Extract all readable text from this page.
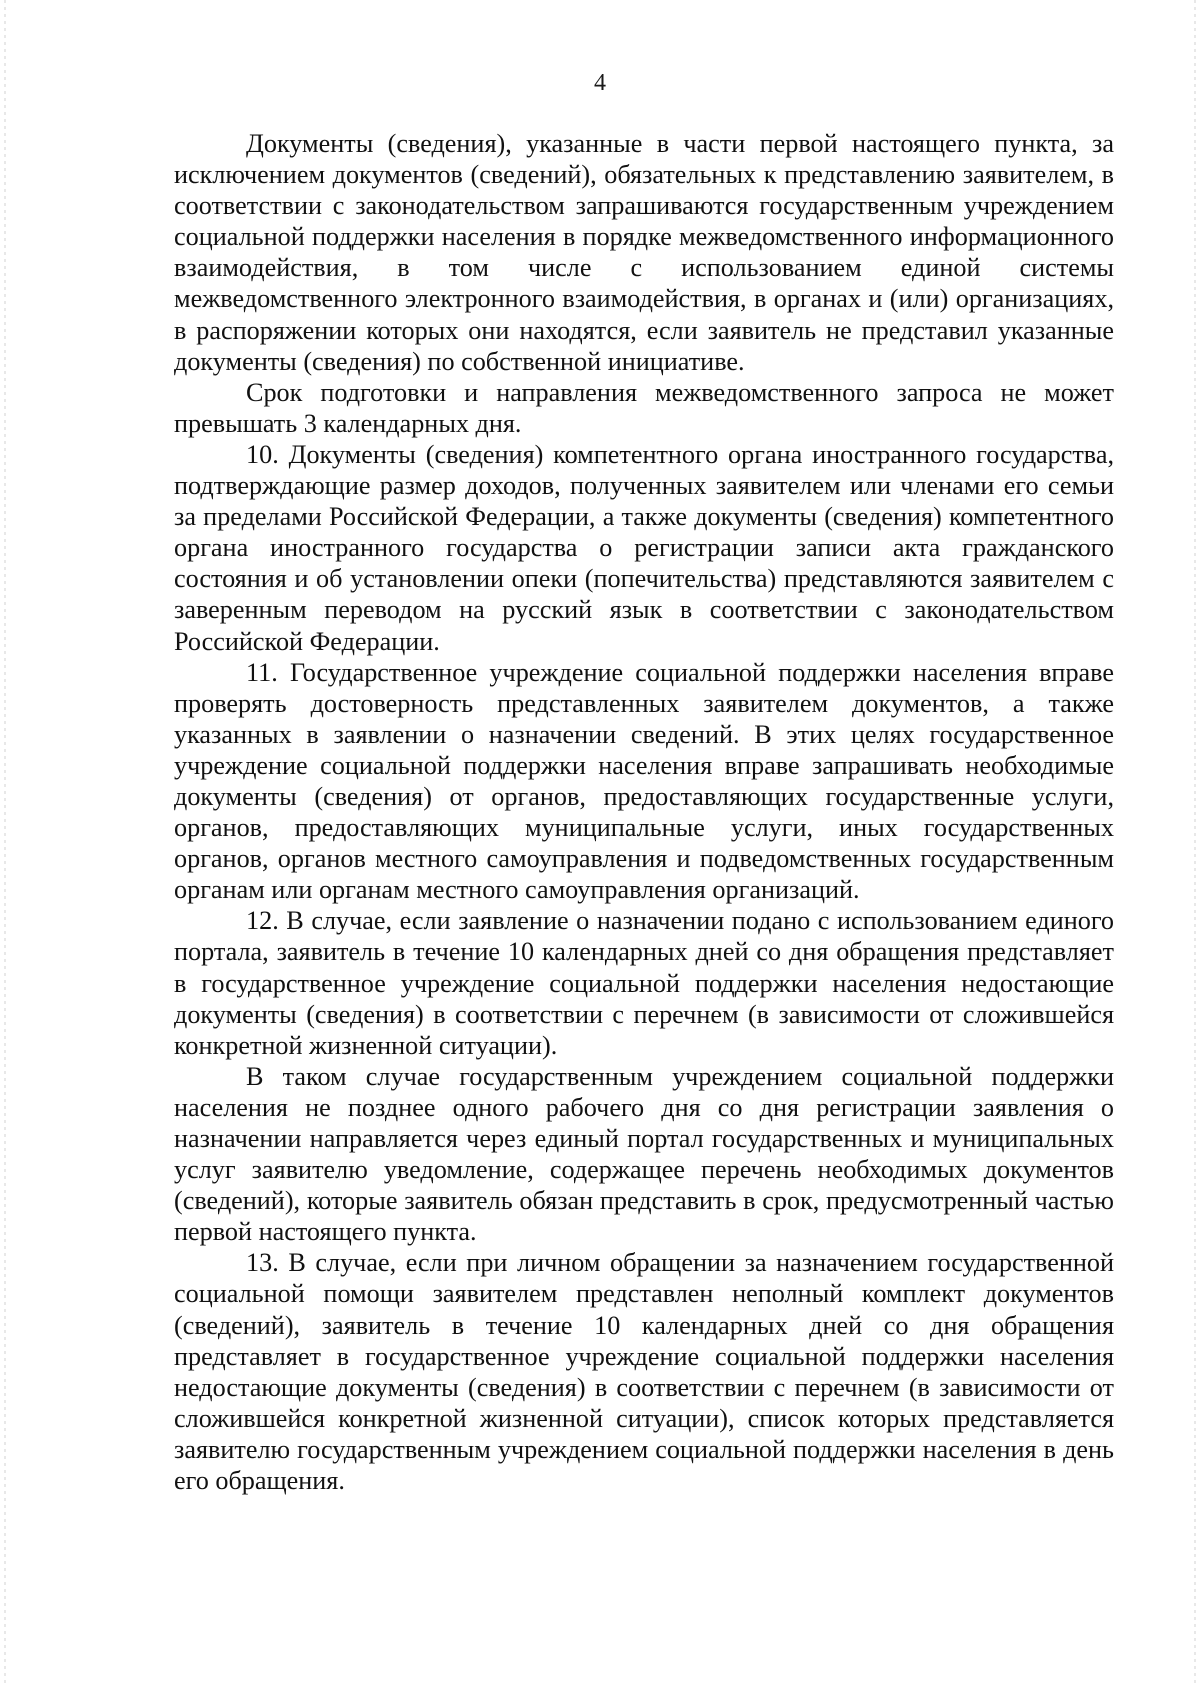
4

Документы (сведения), указанные в части первой настоящего пункта, за исключением документов (сведений), обязательных к представлению заявителем, в соответствии с законодательством запрашиваются государственным учреждением социальной поддержки населения в порядке межведомственного информационного взаимодействия, в том числе с использованием единой системы межведомственного электронного взаимодействия, в органах и (или) организациях, в распоряжении которых они находятся, если заявитель не представил указанные документы (сведения) по собственной инициативе.

Срок подготовки и направления межведомственного запроса не может превышать 3 календарных дня.

10. Документы (сведения) компетентного органа иностранного государства, подтверждающие размер доходов, полученных заявителем или членами его семьи за пределами Российской Федерации, а также документы (сведения) компетентного органа иностранного государства о регистрации записи акта гражданского состояния и об установлении опеки (попечительства) представляются заявителем с заверенным переводом на русский язык в соответствии с законодательством Российской Федерации.

11. Государственное учреждение социальной поддержки населения вправе проверять достоверность представленных заявителем документов, а также указанных в заявлении о назначении сведений. В этих целях государственное учреждение социальной поддержки населения вправе запрашивать необходимые документы (сведения) от органов, предоставляющих государственные услуги, органов, предоставляющих муниципальные услуги, иных государственных органов, органов местного самоуправления и подведомственных государственным органам или органам местного самоуправления организаций.

12. В случае, если заявление о назначении подано с использованием единого портала, заявитель в течение 10 календарных дней со дня обращения представляет в государственное учреждение социальной поддержки населения недостающие документы (сведения) в соответствии с перечнем (в зависимости от сложившейся конкретной жизненной ситуации).

В таком случае государственным учреждением социальной поддержки населения не позднее одного рабочего дня со дня регистрации заявления о назначении направляется через единый портал государственных и муниципальных услуг заявителю уведомление, содержащее перечень необходимых документов (сведений), которые заявитель обязан представить в срок, предусмотренный частью первой настоящего пункта.

13. В случае, если при личном обращении за назначением государственной социальной помощи заявителем представлен неполный комплект документов (сведений), заявитель в течение 10 календарных дней со дня обращения представляет в государственное учреждение социальной поддержки населения недостающие документы (сведения) в соответствии с перечнем (в зависимости от сложившейся конкретной жизненной ситуации), список которых представляется заявителю государственным учреждением социальной поддержки населения в день его обращения.
